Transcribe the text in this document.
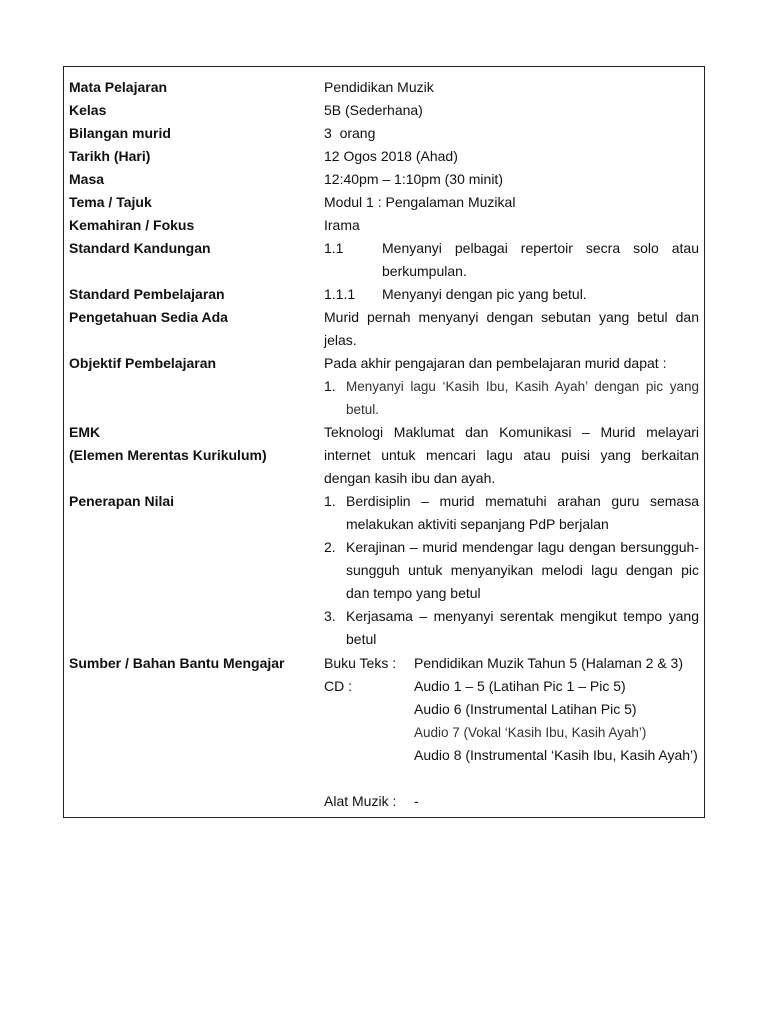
Mata Pelajaran
Kelas
Bilangan murid
Tarikh (Hari)
Masa
Tema / Tajuk
Kemahiran / Fokus
Standard Kandungan
Standard Pembelajaran
Pengetahuan Sedia Ada
Objektif Pembelajaran
EMK
(Elemen Merentas Kurikulum)
Penerapan Nilai
Sumber / Bahan Bantu Mengajar
Pendidikan Muzik
5B (Sederhana)
3  orang
12 Ogos 2018 (Ahad)
12:40pm – 1:10pm (30 minit)
Modul 1 : Pengalaman Muzikal
Irama
1.1	Menyanyi pelbagai repertoir secra solo atau berkumpulan.
1.1.1 Menyanyi dengan pic yang betul.
Murid pernah menyanyi dengan sebutan yang betul dan jelas.
Pada akhir pengajaran dan pembelajaran murid dapat :
1. Menyanyi lagu ‘Kasih Ibu, Kasih Ayah’ dengan pic yang betul.
Teknologi Maklumat dan Komunikasi – Murid melayari internet untuk mencari lagu atau puisi yang berkaitan dengan kasih ibu dan ayah.
1. Berdisiplin – murid mematuhi arahan guru semasa melakukan aktiviti sepanjang PdP berjalan
2. Kerajinan – murid mendengar lagu dengan bersungguh-sungguh untuk menyanyikan melodi lagu dengan pic dan tempo yang betul
3. Kerjasama – menyanyi serentak mengikut tempo yang betul
Buku Teks : Pendidikan Muzik Tahun 5 (Halaman 2 & 3)
CD :	Audio 1 – 5 (Latihan Pic 1 – Pic 5)
Audio 6 (Instrumental Latihan Pic 5)
Audio 7 (Vokal ‘Kasih Ibu, Kasih Ayah’)
Audio 8 (Instrumental ‘Kasih Ibu, Kasih Ayah’)
Alat Muzik : -
